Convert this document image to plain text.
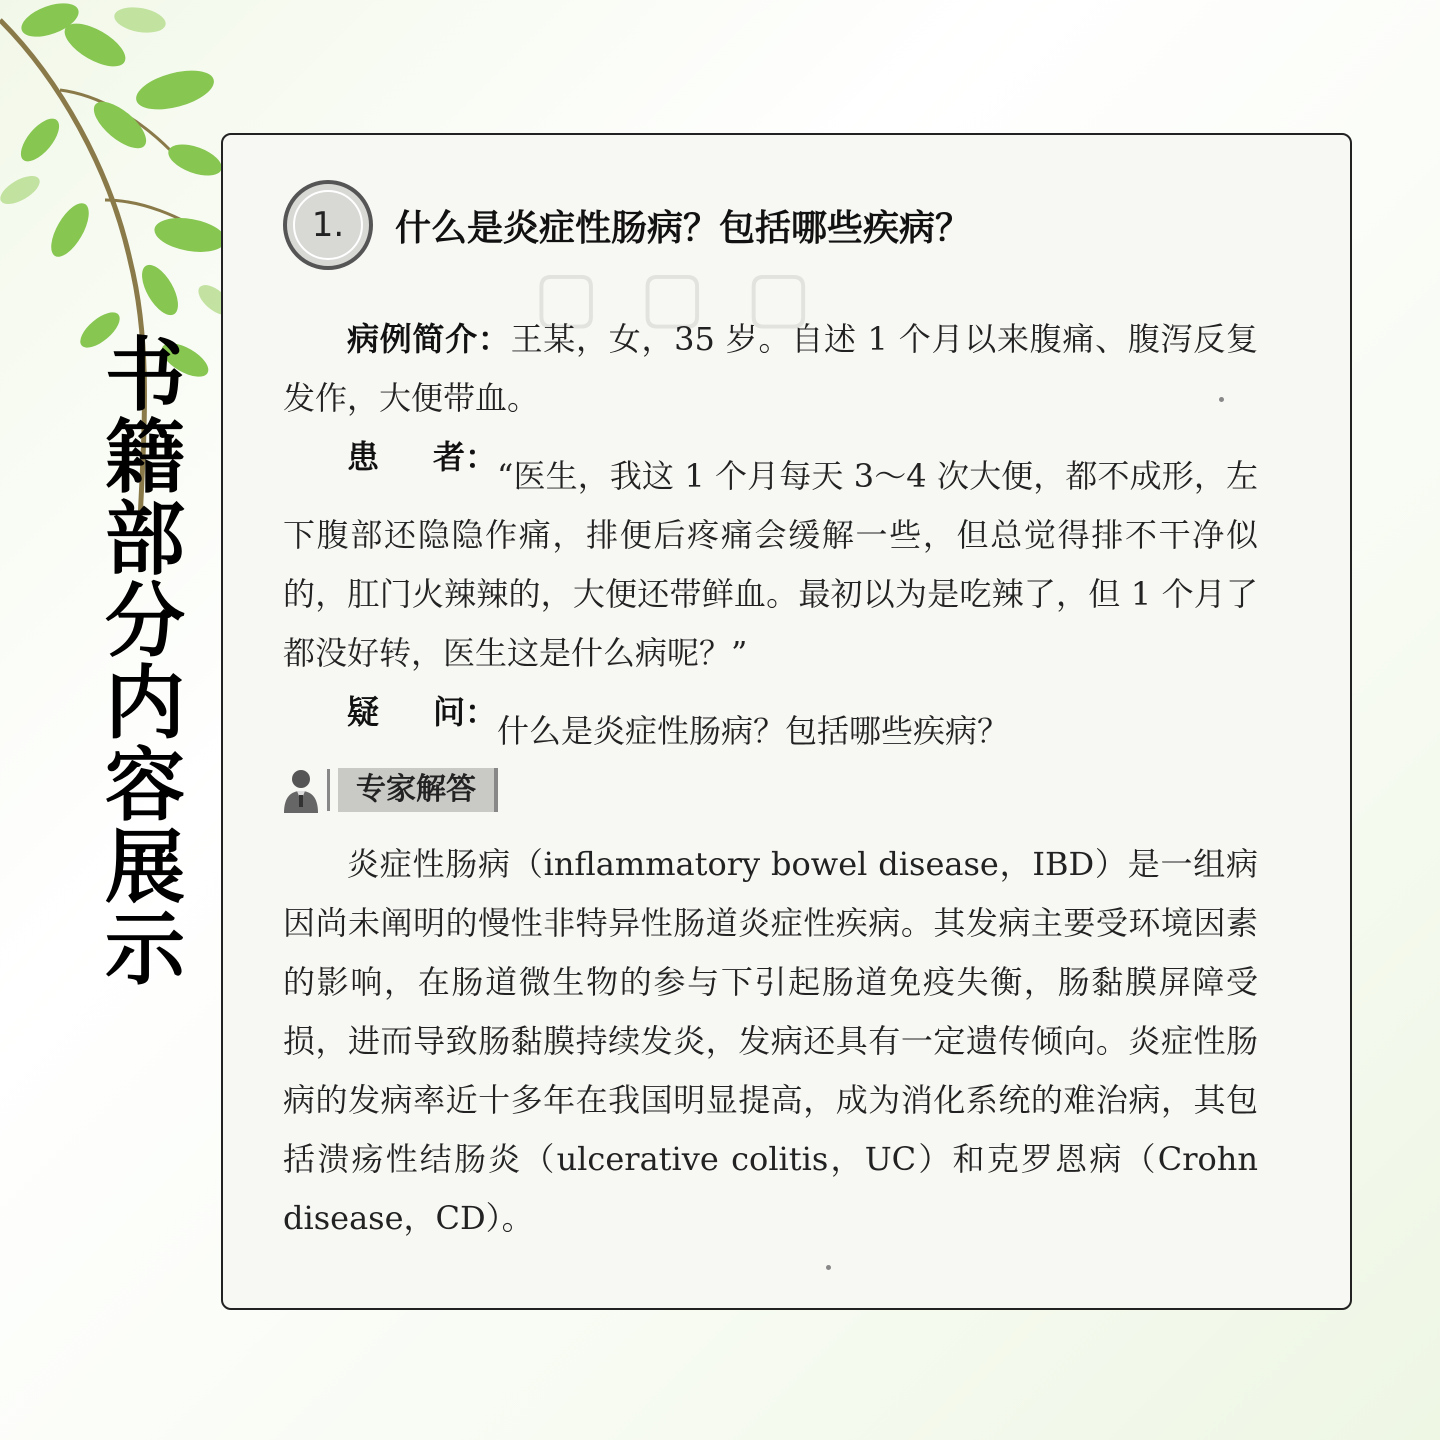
书
籍
部
分
内
容
展
示
▢▢▢
1. 什么是炎症性肠病？包括哪些疾病？

病例简介：王某，女，35 岁。自述 1 个月以来腹痛、腹泻反复发作，大便带血。

患 者： “医生，我这 1 个月每天 3～4 次大便，都不成形，左下腹部还隐隐作痛，排便后疼痛会缓解一些，但总觉得排不干净似的，肛门火辣辣的，大便还带鲜血。最初以为是吃辣了，但 1 个月了都没好转，医生这是什么病呢？”

疑 问： 什么是炎症性肠病？包括哪些疾病？

专家解答

炎症性肠病（inflammatory bowel disease，IBD）是一组病因尚未阐明的慢性非特异性肠道炎症性疾病。其发病主要受环境因素的影响，在肠道微生物的参与下引起肠道免疫失衡，肠黏膜屏障受损，进而导致肠黏膜持续发炎，发病还具有一定遗传倾向。炎症性肠病的发病率近十多年在我国明显提高，成为消化系统的难治病，其包括溃疡性结肠炎（ulcerative colitis，UC）和克罗恩病（Crohn disease，CD）。
